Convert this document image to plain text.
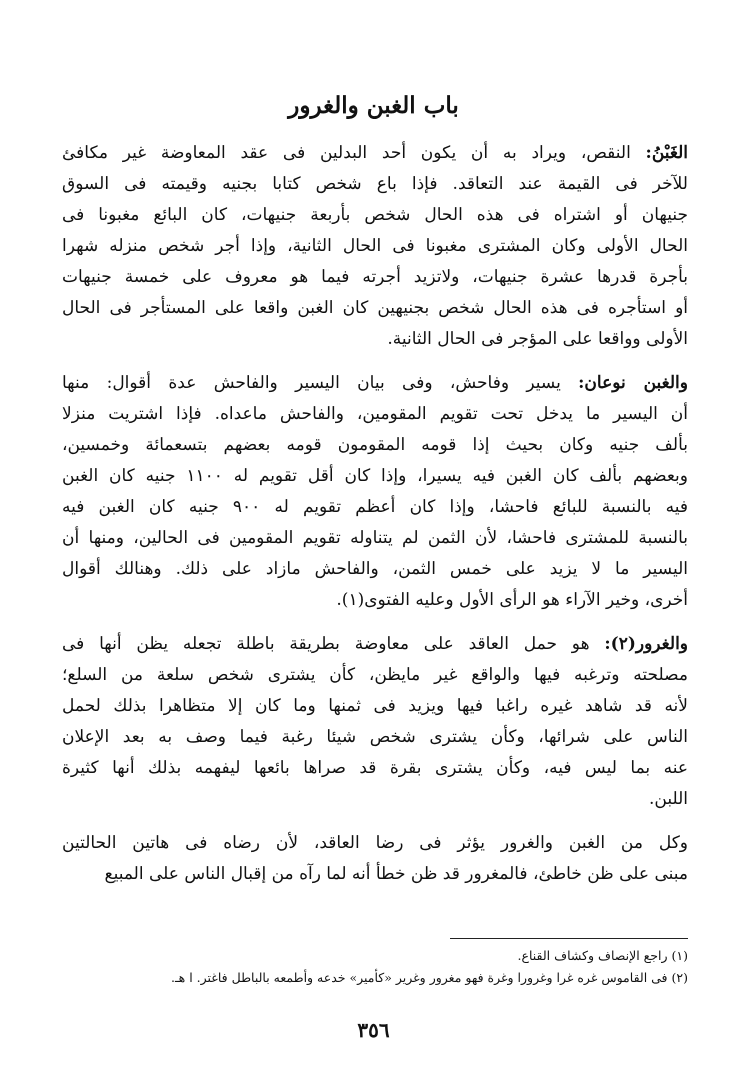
باب الغبن والغرور
الغَبْنُ: النقص، ويراد به أن يكون أحد البدلين فى عقد المعاوضة غير مكافئ
للآخر فى القيمة عند التعاقد. فإذا باع شخص كتابا بجنيه وقيمته فى السوق
جنيهان أو اشتراه فى هذه الحال شخص بأربعة جنيهات، كان البائع مغبونا فى
الحال الأولى وكان المشترى مغبونا فى الحال الثانية، وإذا أجر شخص منزله شهرا
بأجرة قدرها عشرة جنيهات، ولاتزيد أجرته فيما هو معروف على خمسة جنيهات
أو استأجره فى هذه الحال شخص بجنيهين كان الغبن واقعا على المستأجر فى الحال
الأولى وواقعا على المؤجر فى الحال الثانية.
والغبن نوعان: يسير وفاحش، وفى بيان اليسير والفاحش عدة أقوال: منها
أن اليسير ما يدخل تحت تقويم المقومين، والفاحش ماعداه. فإذا اشتريت منزلا
بألف جنيه وكان بحيث إذا قومه المقومون قومه بعضهم بتسعمائة وخمسين،
وبعضهم بألف كان الغبن فيه يسيرا، وإذا كان أقل تقويم له ١١٠٠ جنيه كان الغبن
فيه بالنسبة للبائع فاحشا، وإذا كان أعظم تقويم له ٩٠٠ جنيه كان الغبن فيه
بالنسبة للمشترى فاحشا، لأن الثمن لم يتناوله تقويم المقومين فى الحالين، ومنها أن
اليسير ما لا يزيد على خمس الثمن، والفاحش مازاد على ذلك. وهنالك أقوال
أخرى، وخير الآراء هو الرأى الأول وعليه الفتوى(١).
والغرور(٢): هو حمل العاقد على معاوضة بطريقة باطلة تجعله يظن أنها فى
مصلحته وترغبه فيها والواقع غير مايظن، كأن يشترى شخص سلعة من السلع؛
لأنه قد شاهد غيره راغبا فيها ويزيد فى ثمنها وما كان إلا متظاهرا بذلك لحمل
الناس على شرائها، وكأن يشترى شخص شيئا رغبة فيما وصف به بعد الإعلان
عنه بما ليس فيه، وكأن يشترى بقرة قد صراها بائعها ليفهمه بذلك أنها كثيرة
اللبن.
وكل من الغبن والغرور يؤثر فى رضا العاقد، لأن رضاه فى هاتين الحالتين
مبنى على ظن خاطئ، فالمغرور قد ظن خطأ أنه لما رآه من إقبال الناس على المبيع
(١) راجع الإنصاف وكشاف القناع.
(٢) فى القاموس غره غرا وغرورا وغرة فهو مغرور وغرير «كأمير» خدعه وأطمعه بالباطل فاغتر. ا هـ.
٣٥٦
